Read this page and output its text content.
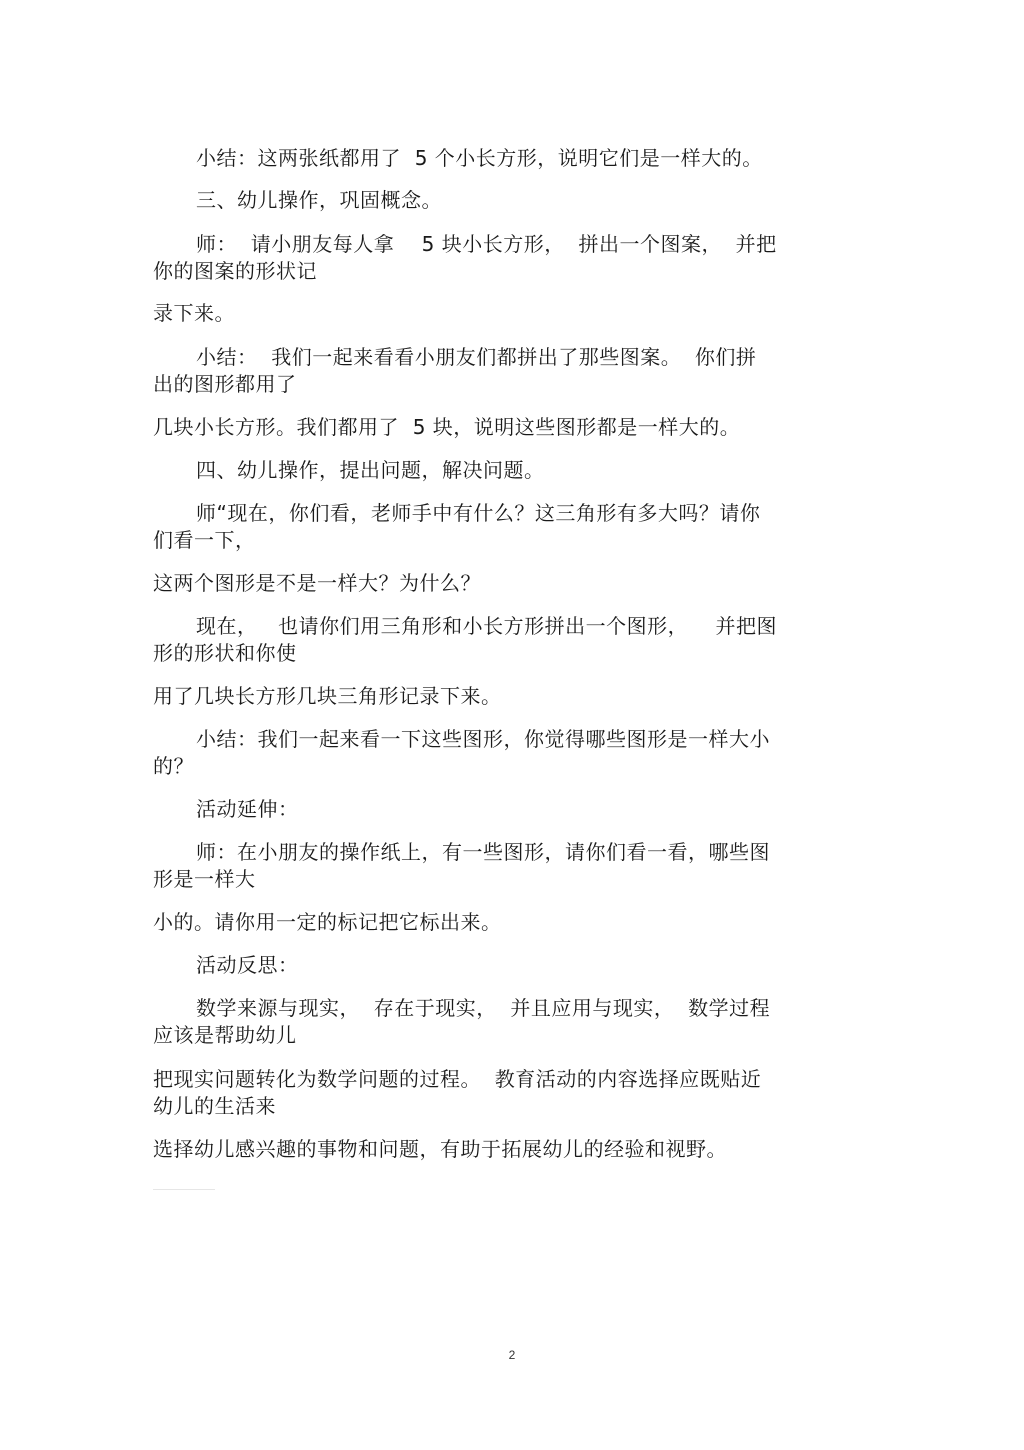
小结：这两张纸都用了  5 个小长方形，说明它们是一样大的。
三、幼儿操作，巩固概念。
师：  请小朋友每人拿    5 块小长方形，  拼出一个图案，  并把
你的图案的形状记
录下来。
小结：  我们一起来看看小朋友们都拼出了那些图案。  你们拼
出的图形都用了
几块小长方形。我们都用了  5 块，说明这些图形都是一样大的。
四、幼儿操作，提出问题，解决问题。
师“现在，你们看，老师手中有什么？这三角形有多大吗？请你
们看一下，
这两个图形是不是一样大？为什么？
现在，   也请你们用三角形和小长方形拼出一个图形，    并把图
形的形状和你使
用了几块长方形几块三角形记录下来。
小结：我们一起来看一下这些图形，你觉得哪些图形是一样大小
的？
活动延伸：
师：在小朋友的操作纸上，有一些图形，请你们看一看，哪些图
形是一样大
小的。请你用一定的标记把它标出来。
活动反思：
数学来源与现实，  存在于现实，  并且应用与现实，  数学过程
应该是帮助幼儿
把现实问题转化为数学问题的过程。  教育活动的内容选择应既贴近
幼儿的生活来
选择幼儿感兴趣的事物和问题，有助于拓展幼儿的经验和视野。
2
